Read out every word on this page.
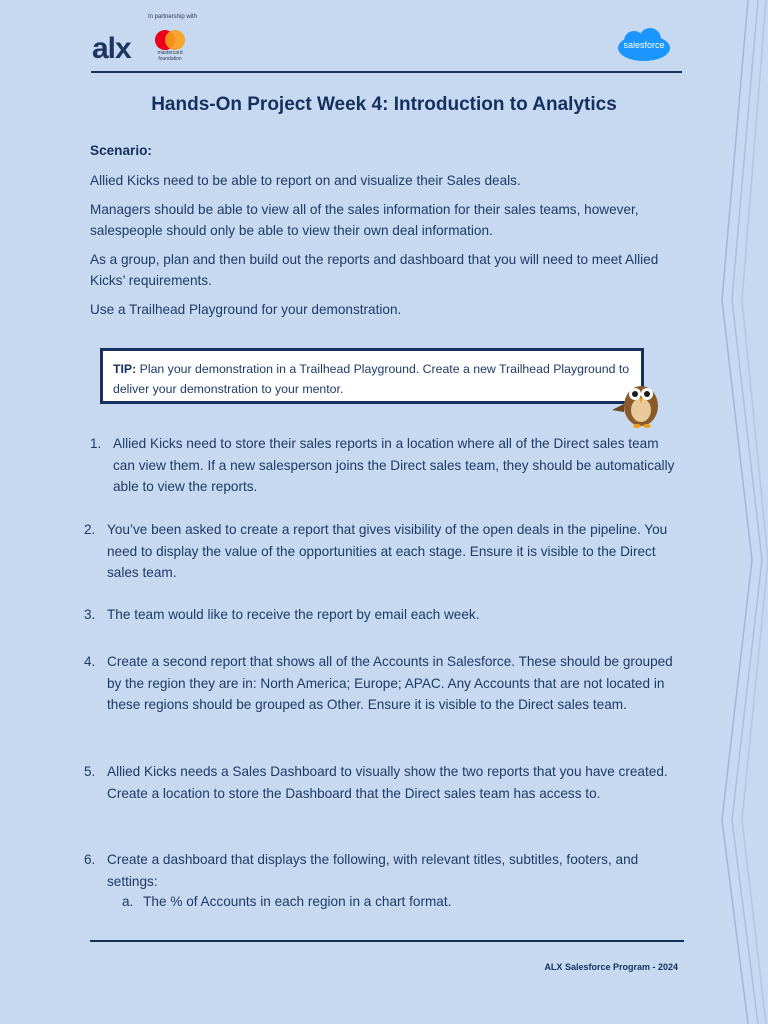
In partnership with
alx	mastercard foundation
salesforce
Hands-On Project Week 4: Introduction to Analytics
Scenario:
Allied Kicks need to be able to report on and visualize their Sales deals.
Managers should be able to view all of the sales information for their sales teams, however, salespeople should only be able to view their own deal information.
As a group, plan and then build out the reports and dashboard that you will need to meet Allied Kicks’ requirements.
Use a Trailhead Playground for your demonstration.
TIP: Plan your demonstration in a Trailhead Playground. Create a new Trailhead Playground to deliver your demonstration to your mentor.
1. Allied Kicks need to store their sales reports in a location where all of the Direct sales team can view them. If a new salesperson joins the Direct sales team, they should be automatically able to view the reports.
2. You’ve been asked to create a report that gives visibility of the open deals in the pipeline. You need to display the value of the opportunities at each stage. Ensure it is visible to the Direct sales team.
3. The team would like to receive the report by email each week.
4. Create a second report that shows all of the Accounts in Salesforce. These should be grouped by the region they are in: North America; Europe; APAC. Any Accounts that are not located in these regions should be grouped as Other. Ensure it is visible to the Direct sales team.
5. Allied Kicks needs a Sales Dashboard to visually show the two reports that you have created. Create a location to store the Dashboard that the Direct sales team has access to.
6. Create a dashboard that displays the following, with relevant titles, subtitles, footers, and settings:
a. The % of Accounts in each region in a chart format.
ALX Salesforce Program - 2024
